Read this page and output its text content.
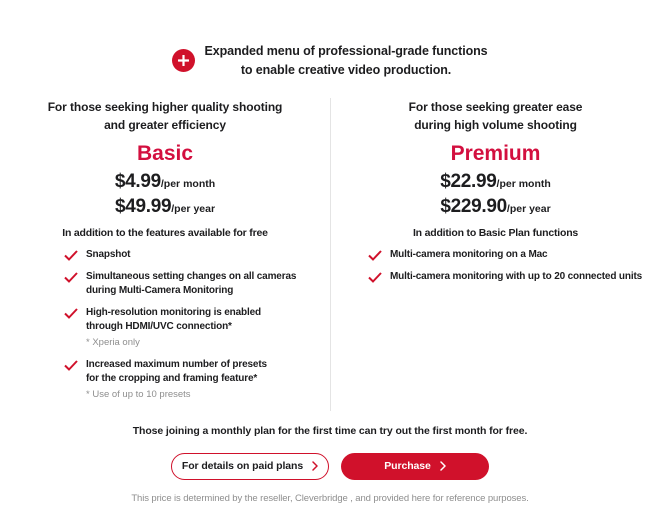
Expanded menu of professional-grade functions
to enable creative video production.
For those seeking higher quality shooting
and greater efficiency
Basic
$4.99/per month
$49.99/per year
In addition to the features available for free
Snapshot
Simultaneous setting changes on all cameras
during Multi-Camera Monitoring
High-resolution monitoring is enabled
through HDMI/UVC connection*
* Xperia only
Increased maximum number of presets
for the cropping and framing feature*
* Use of up to 10 presets
For those seeking greater ease
during high volume shooting
Premium
$22.99/per month
$229.90/per year
In addition to Basic Plan functions
Multi-camera monitoring on a Mac
Multi-camera monitoring with up to 20 connected units
Those joining a monthly plan for the first time can try out the first month for free.
For details on paid plans	Purchase
This price is determined by the reseller, Cleverbridge , and provided here for reference purposes.
